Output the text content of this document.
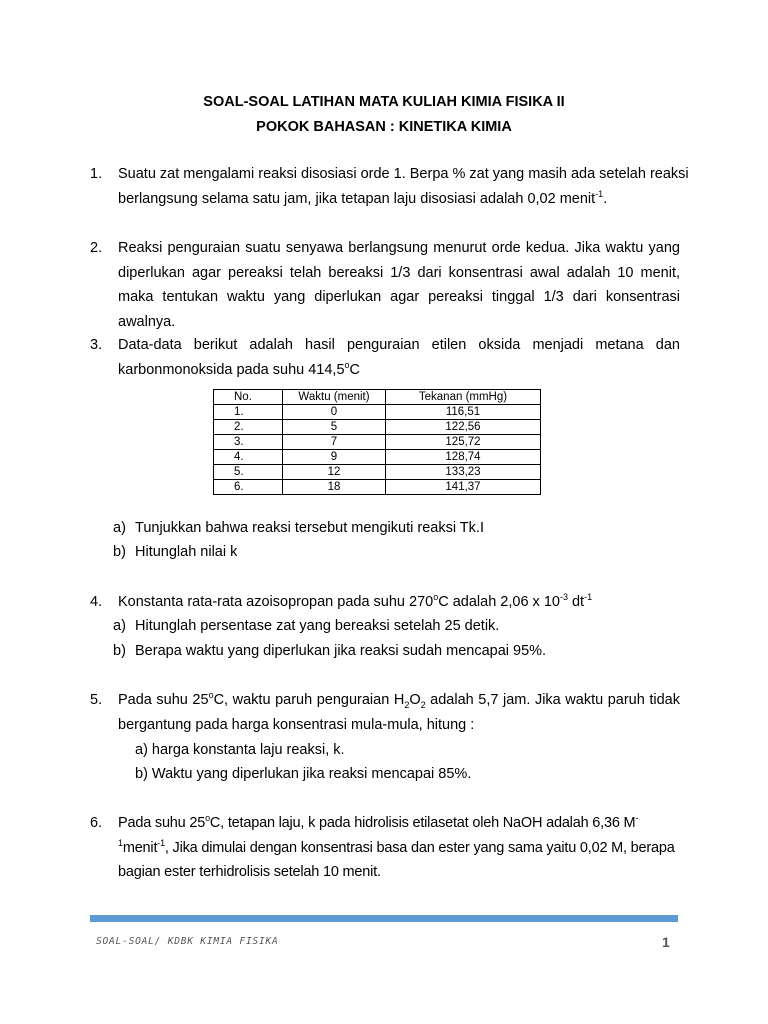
SOAL-SOAL LATIHAN MATA KULIAH KIMIA FISIKA II
POKOK BAHASAN : KINETIKA KIMIA
1. Suatu zat mengalami reaksi disosiasi orde 1. Berpa % zat yang masih ada setelah reaksi
berlangsung selama satu jam, jika tetapan laju disosiasi adalah 0,02 menit$^{-1}$.
2. Reaksi penguraian suatu senyawa berlangsung menurut orde kedua. Jika waktu yang diperlukan agar pereaksi telah bereaksi 1/3 dari konsentrasi awal adalah 10 menit, maka tentukan waktu yang diperlukan agar pereaksi tinggal 1/3 dari konsentrasi awalnya.
3. Data-data berikut adalah hasil penguraian etilen oksida menjadi metana dan
karbonmonoksida pada suhu 414,5$^o$C
No.	Waktu (menit)	Tekanan (mmHg)
1.	0	116,51
2.	5	122,56
3.	7	125,72
4.	9	128,74
5.	12	133,23
6.	18	141,37
a) Tunjukkan bahwa reaksi tersebut mengikuti reaksi Tk.I
b) Hitunglah nilai k
4. Konstanta rata-rata azoisopropan pada suhu 270$^o$C adalah 2,06 x $10^{-3}$ $dt^{-1}$
a) Hitunglah persentase zat yang bereaksi setelah 25 detik.
b) Berapa waktu yang diperlukan jika reaksi sudah mencapai 95%.
5. Pada suhu 25$^o$C, waktu paruh penguraian $H_2O_2$ adalah 5,7 jam. Jika waktu paruh tidak bergantung pada harga konsentrasi mula-mula, hitung :
a) harga konstanta laju reaksi, k.
b) Waktu yang diperlukan jika reaksi mencapai 85%.
6. Pada suhu 25$^o$C, tetapan laju, k pada hidrolisis etilasetat oleh NaOH adalah 6,36 $M^{-1}menit^{-1}$, Jika dimulai dengan konsentrasi basa dan ester yang sama yaitu 0,02 M, berapa bagian ester terhidrolisis setelah 10 menit.
SOAL-SOAL/ KDBK KIMIA FISIKA	1
